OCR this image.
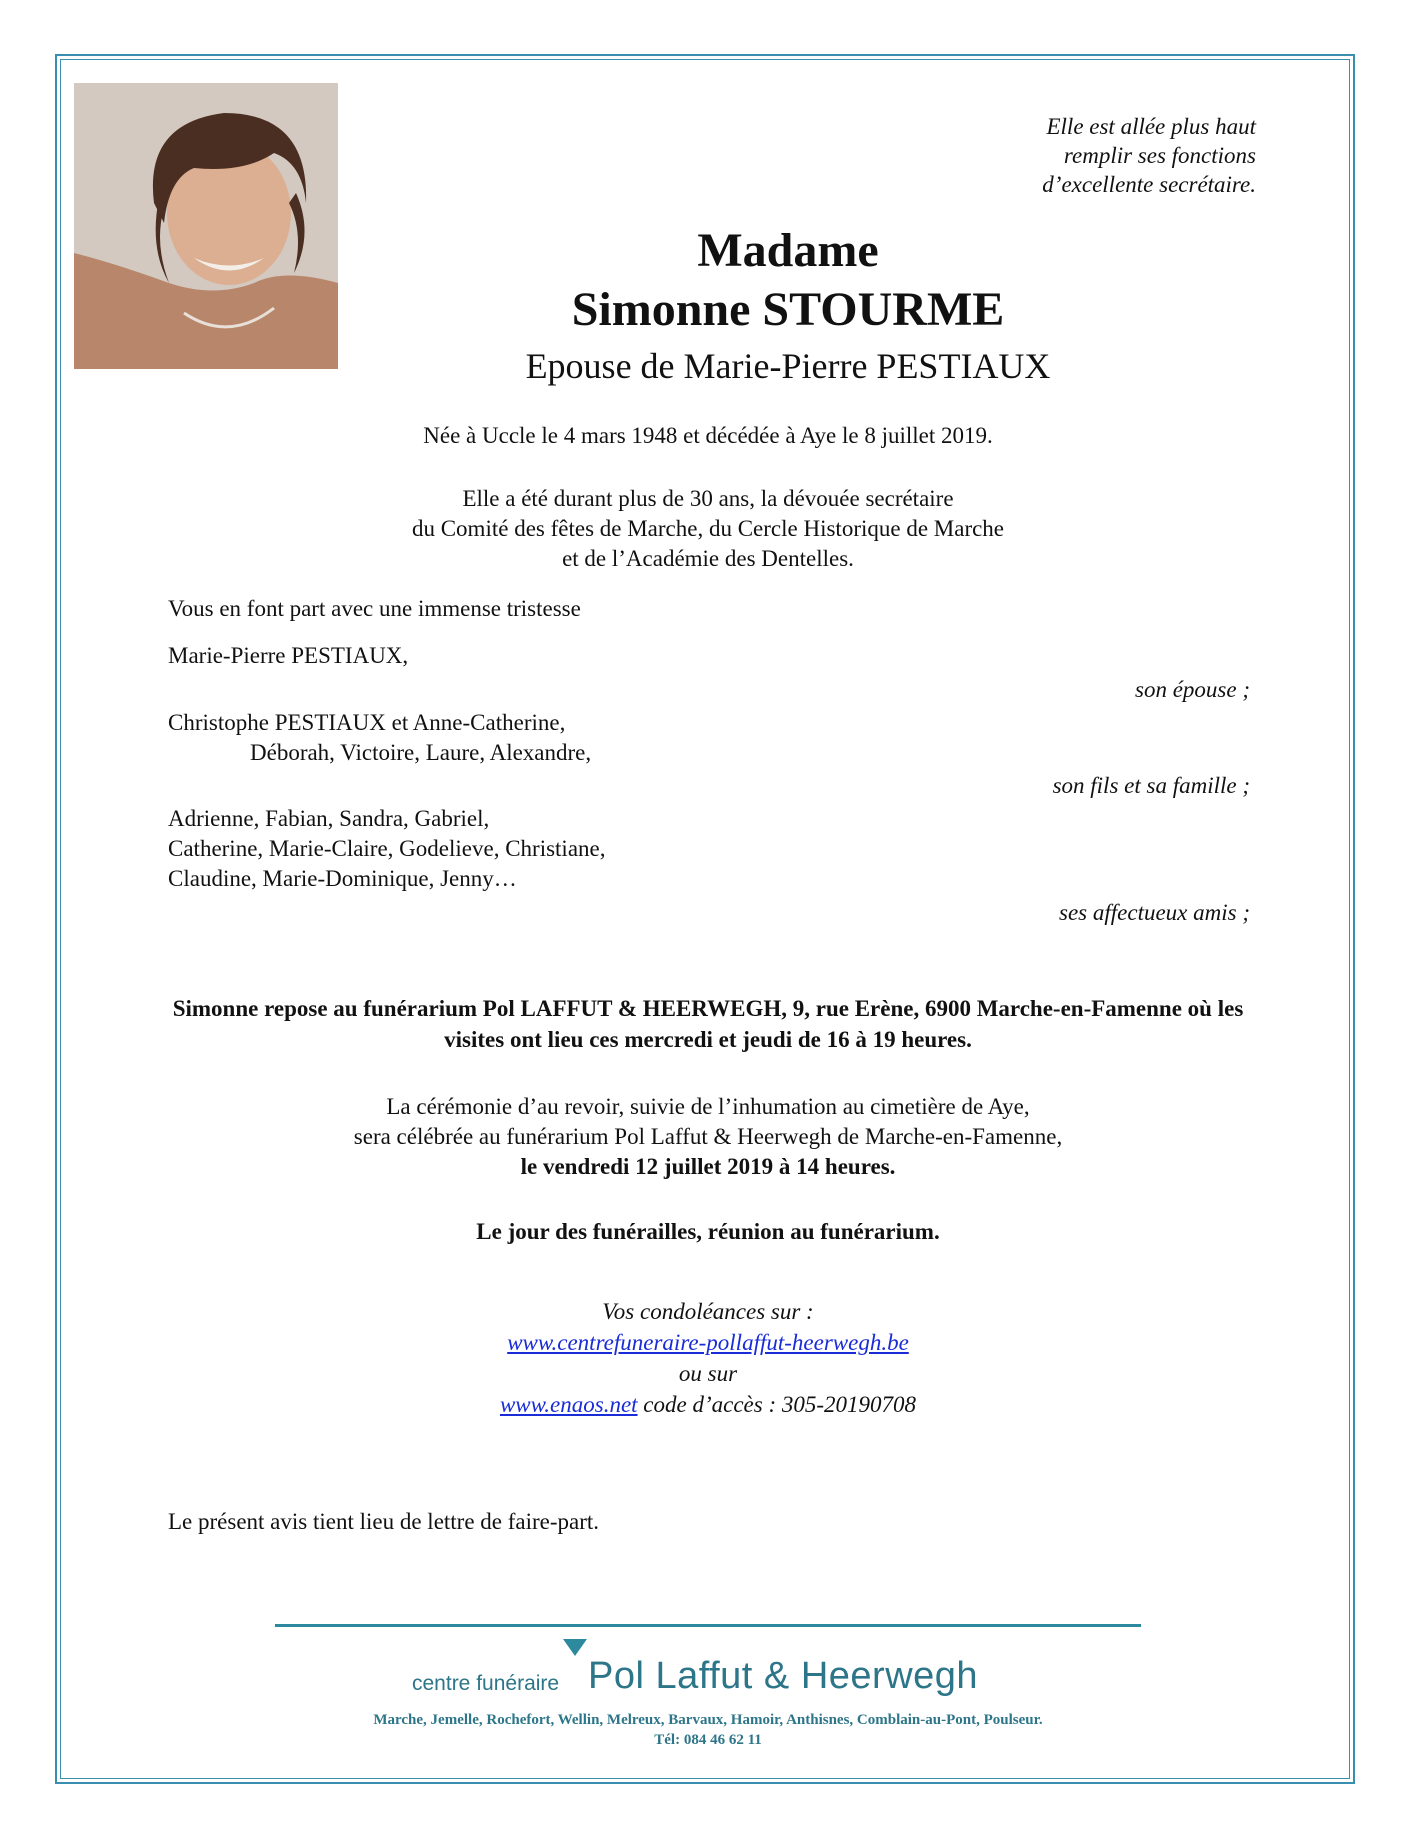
Elle est allée plus haut
remplir ses fonctions
d’excellente secrétaire.
Madame
Simonne STOURME
Epouse de Marie-Pierre PESTIAUX
Née à Uccle le 4 mars 1948 et décédée à Aye le 8 juillet 2019.
Elle a été durant plus de 30 ans, la dévouée secrétaire
du Comité des fêtes de Marche, du Cercle Historique de Marche
et de l’Académie des Dentelles.
Vous en font part avec une immense tristesse
Marie-Pierre PESTIAUX,
son épouse ;
Christophe PESTIAUX et Anne-Catherine,
Déborah, Victoire, Laure, Alexandre,
son fils et sa famille ;
Adrienne, Fabian, Sandra, Gabriel,
Catherine, Marie-Claire, Godelieve, Christiane,
Claudine, Marie-Dominique, Jenny…
ses affectueux amis ;
Simonne repose au funérarium Pol LAFFUT & HEERWEGH, 9, rue Erène, 6900 Marche-en-Famenne où les visites ont lieu ces mercredi et jeudi de 16 à 19 heures.
La cérémonie d’au revoir, suivie de l’inhumation au cimetière de Aye,
sera célébrée au funérarium Pol Laffut & Heerwegh de Marche-en-Famenne,
le vendredi 12 juillet 2019 à 14 heures.
Le jour des funérailles, réunion au funérarium.
Vos condoléances sur :
www.centrefuneraire-pollaffut-heerwegh.be
ou sur
www.enaos.net code d’accès : 305-20190708
Le présent avis tient lieu de lettre de faire-part.
centre funéraire Pol Laffut & Heerwegh
Marche, Jemelle, Rochefort, Wellin, Melreux, Barvaux, Hamoir, Anthisnes, Comblain-au-Pont, Poulseur.
Tél: 084 46 62 11
